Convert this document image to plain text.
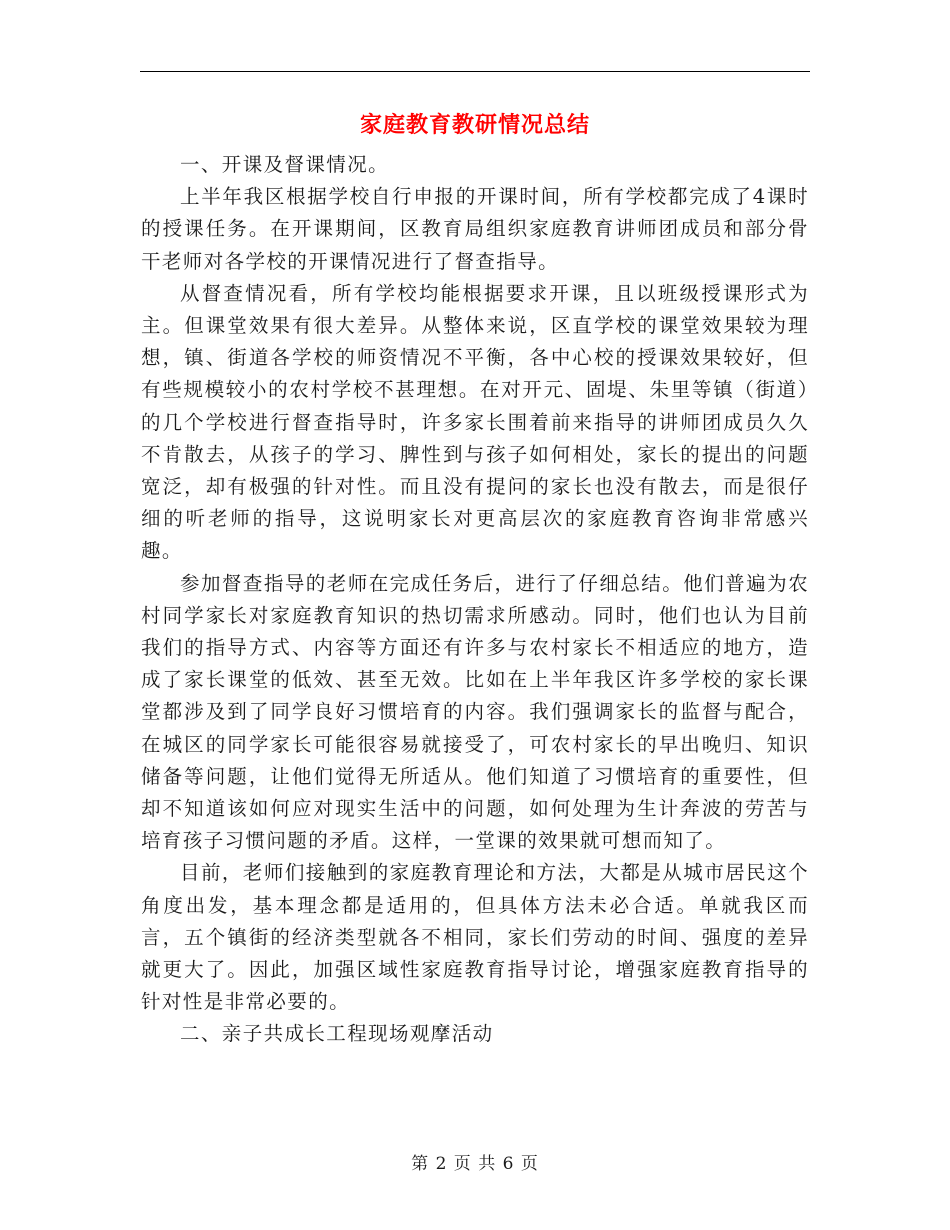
家庭教育教研情况总结

一、开课及督课情况。

上半年我区根据学校自行申报的开课时间，所有学校都完成了4课时的授课任务。在开课期间，区教育局组织家庭教育讲师团成员和部分骨干老师对各学校的开课情况进行了督查指导。

从督查情况看，所有学校均能根据要求开课，且以班级授课形式为主。但课堂效果有很大差异。从整体来说，区直学校的课堂效果较为理想，镇、街道各学校的师资情况不平衡，各中心校的授课效果较好，但有些规模较小的农村学校不甚理想。在对开元、固堤、朱里等镇（街道）的几个学校进行督查指导时，许多家长围着前来指导的讲师团成员久久不肯散去，从孩子的学习、脾性到与孩子如何相处，家长的提出的问题宽泛，却有极强的针对性。而且没有提问的家长也没有散去，而是很仔细的听老师的指导，这说明家长对更高层次的家庭教育咨询非常感兴趣。

参加督查指导的老师在完成任务后，进行了仔细总结。他们普遍为农村同学家长对家庭教育知识的热切需求所感动。同时，他们也认为目前我们的指导方式、内容等方面还有许多与农村家长不相适应的地方，造成了家长课堂的低效、甚至无效。比如在上半年我区许多学校的家长课堂都涉及到了同学良好习惯培育的内容。我们强调家长的监督与配合，在城区的同学家长可能很容易就接受了，可农村家长的早出晚归、知识储备等问题，让他们觉得无所适从。他们知道了习惯培育的重要性，但却不知道该如何应对现实生活中的问题，如何处理为生计奔波的劳苦与培育孩子习惯问题的矛盾。这样，一堂课的效果就可想而知了。

目前，老师们接触到的家庭教育理论和方法，大都是从城市居民这个角度出发，基本理念都是适用的，但具体方法未必合适。单就我区而言，五个镇街的经济类型就各不相同，家长们劳动的时间、强度的差异就更大了。因此，加强区域性家庭教育指导讨论，增强家庭教育指导的针对性是非常必要的。

二、亲子共成长工程现场观摩活动

第 2 页 共 6 页
